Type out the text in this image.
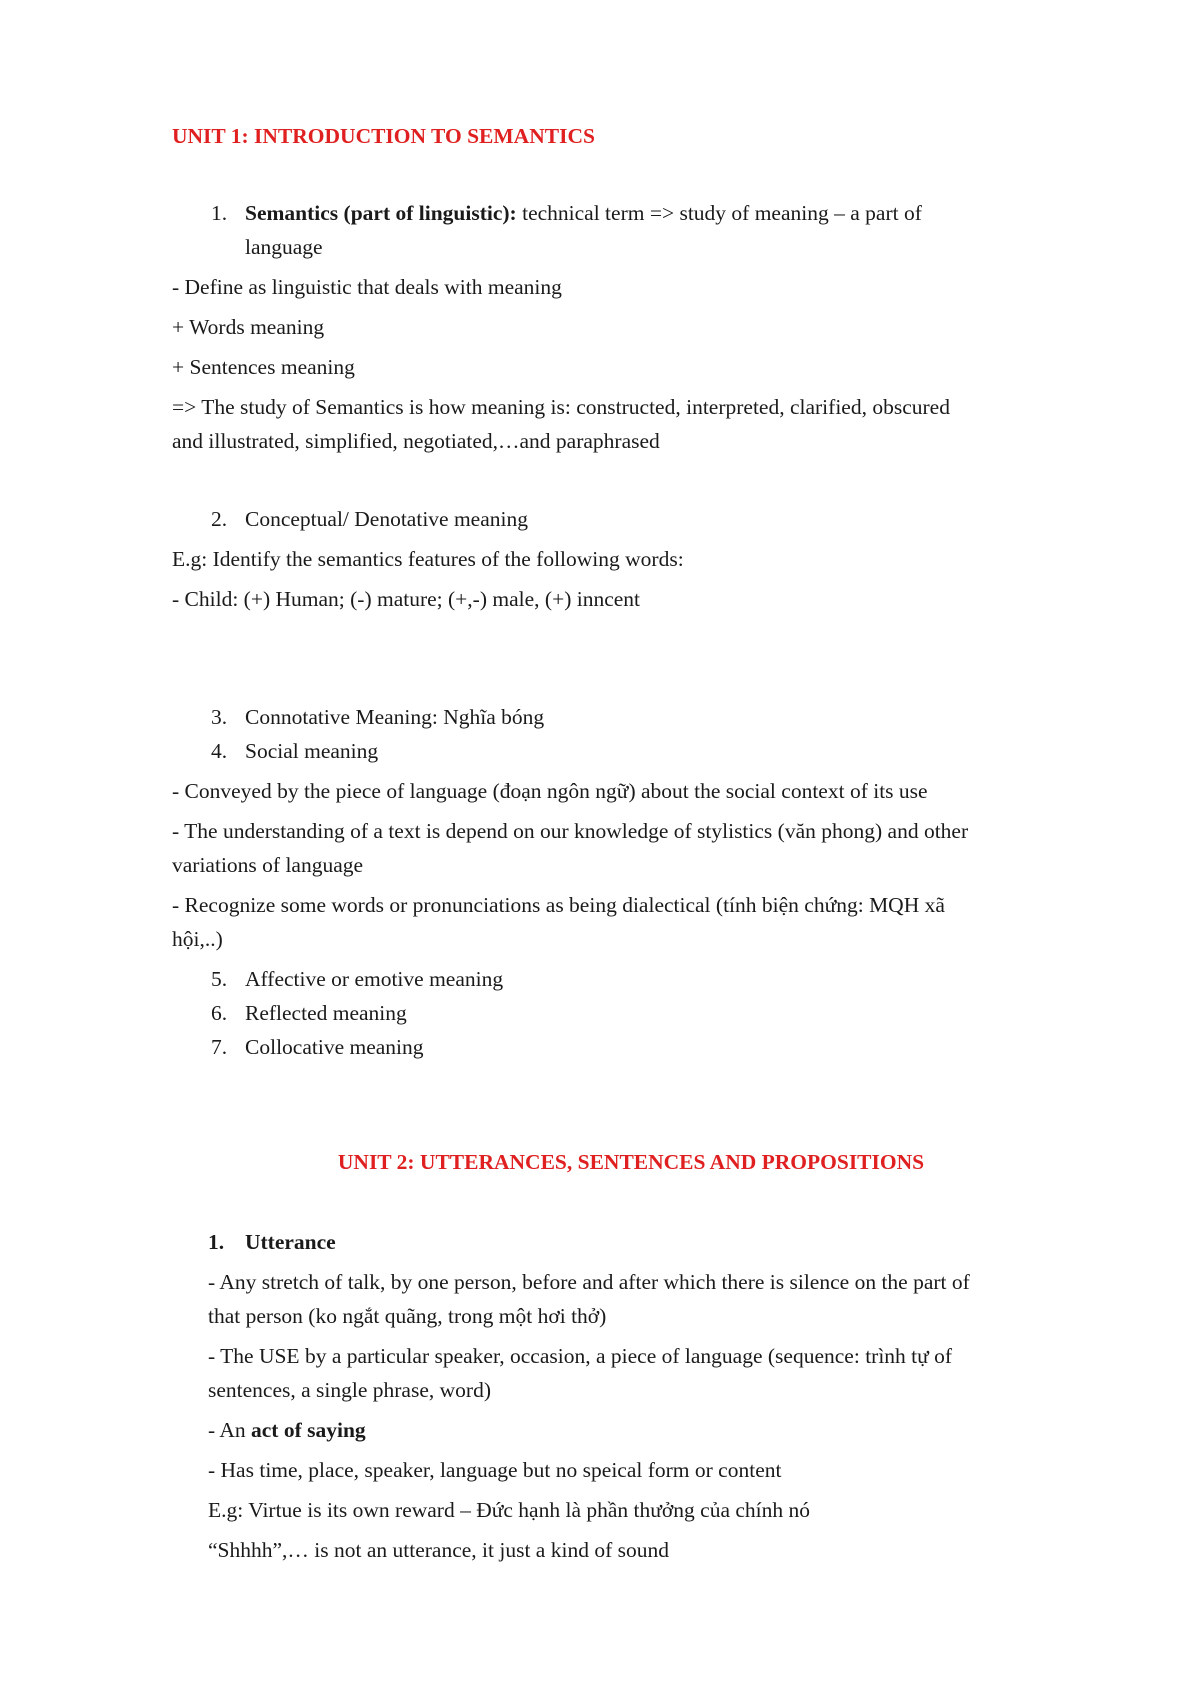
UNIT 1: INTRODUCTION TO SEMANTICS
1. Semantics (part of linguistic): technical term => study of meaning – a part of
language
- Define as linguistic that deals with meaning
+ Words meaning
+ Sentences meaning
=> The study of Semantics is how meaning is: constructed, interpreted, clarified, obscured
and illustrated, simplified, negotiated,…and paraphrased
2. Conceptual/ Denotative meaning
E.g: Identify the semantics features of the following words:
- Child: (+) Human; (-) mature; (+,-) male, (+) inncent
3. Connotative Meaning: Nghĩa bóng
4. Social meaning
- Conveyed by the piece of language (đoạn ngôn ngữ) about the social context of its use
- The understanding of a text is depend on our knowledge of stylistics (văn phong) and other
variations of language
- Recognize some words or pronunciations as being dialectical (tính biện chứng: MQH xã
hội,..)
5. Affective or emotive meaning
6. Reflected meaning
7. Collocative meaning
UNIT 2: UTTERANCES, SENTENCES AND PROPOSITIONS
1. Utterance
- Any stretch of talk, by one person, before and after which there is silence on the part of
that person (ko ngắt quãng, trong một hơi thở)
- The USE by a particular speaker, occasion, a piece of language (sequence: trình tự of
sentences, a single phrase, word)
- An act of saying
- Has time, place, speaker, language but no speical form or content
E.g: Virtue is its own reward – Đức hạnh là phần thưởng của chính nó
“Shhhh”,… is not an utterance, it just a kind of sound
